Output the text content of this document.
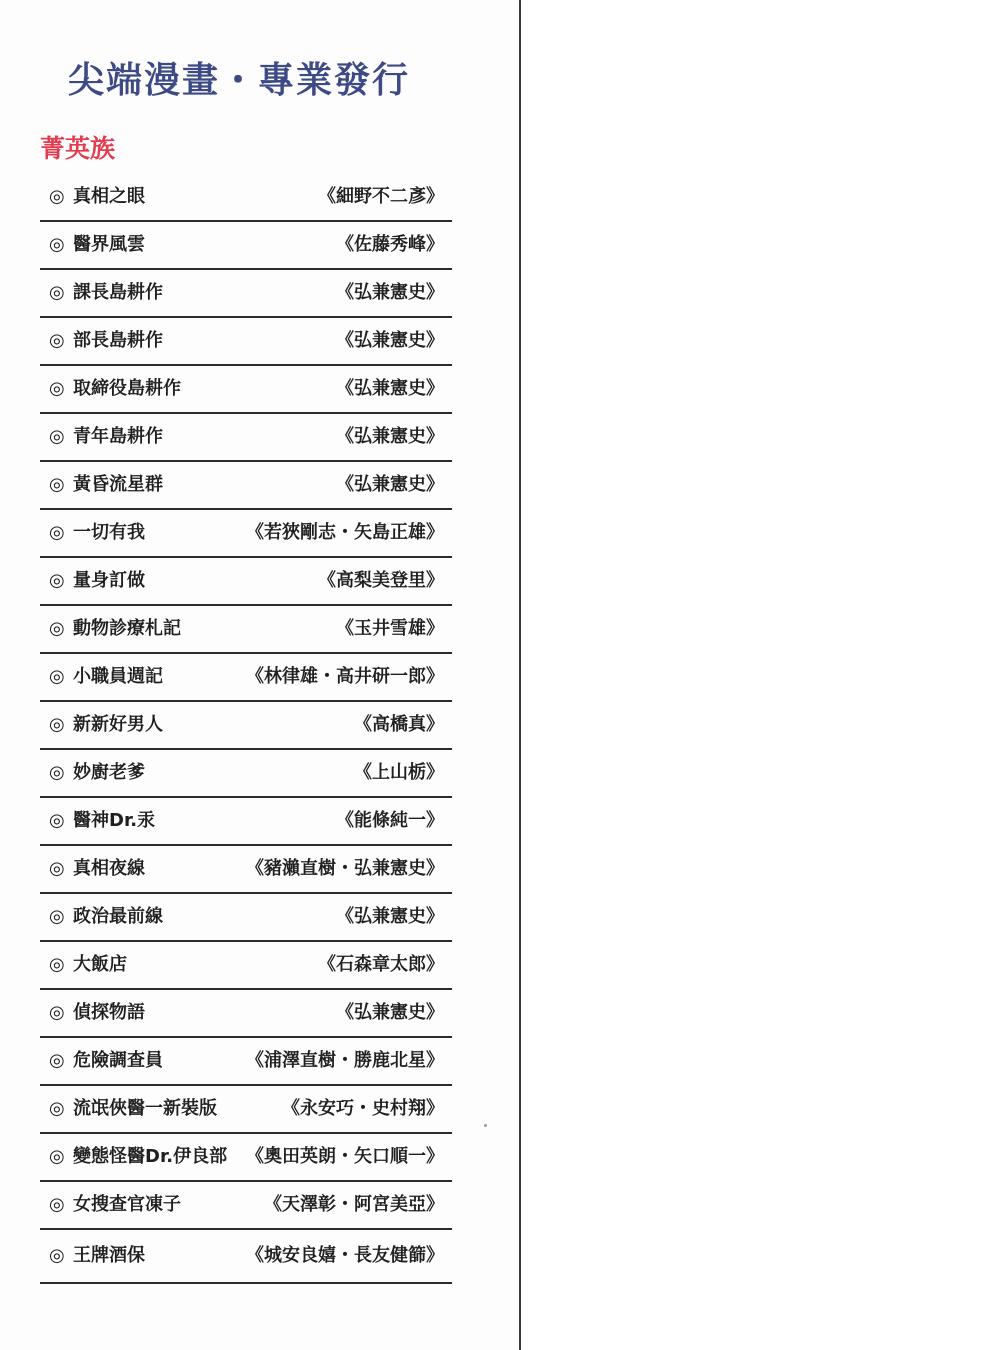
尖端漫畫・專業發行
菁英族
◎ 真相之眼	《細野不二彥》
◎ 醫界風雲	《佐藤秀峰》
◎ 課長島耕作	《弘兼憲史》
◎ 部長島耕作	《弘兼憲史》
◎ 取締役島耕作	《弘兼憲史》
◎ 青年島耕作	《弘兼憲史》
◎ 黃昏流星群	《弘兼憲史》
◎ 一切有我	《若狹剛志・矢島正雄》
◎ 量身訂做	《高梨美登里》
◎ 動物診療札記	《玉井雪雄》
◎ 小職員週記	《林律雄・高井研一郎》
◎ 新新好男人	《高橋真》
◎ 妙廚老爹	《上山栃》
◎ 醫神Dr.汞	《能條純一》
◎ 真相夜線	《豬瀨直樹・弘兼憲史》
◎ 政治最前線	《弘兼憲史》
◎ 大飯店	《石森章太郎》
◎ 偵探物語	《弘兼憲史》
◎ 危險調查員	《浦澤直樹・勝鹿北星》
◎ 流氓俠醫一新裝版	《永安巧・史村翔》
◎ 變態怪醫Dr.伊良部 《奧田英朗・矢口順一》
◎ 女搜查官凍子	《天澤彰・阿宮美亞》
◎ 王牌酒保	《城安良嬉・長友健篩》
